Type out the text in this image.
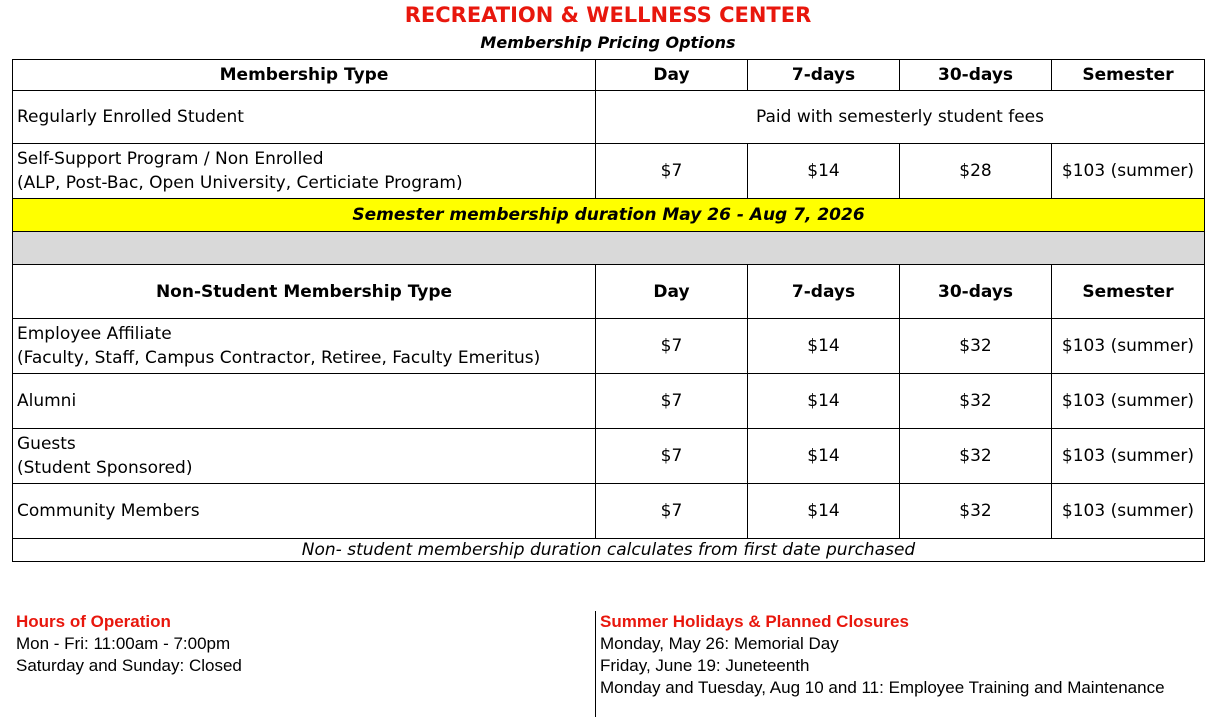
RECREATION & WELLNESS CENTER
Membership Pricing Options
Membership Type	Day	7-days	30-days	Semester
Regularly Enrolled Student	Paid with semesterly student fees			

Self-Support Program / Non Enrolled
(ALP, Post-Bac, Open University, Certiciate Program)	$7	$14	$28	$103 (summer)
Semester membership duration May 26 - Aug 7, 2026				

Non-Student Membership Type	Day	7-days	30-days	Semester

Employee Affiliate
(Faculty, Staff, Campus Contractor, Retiree, Faculty Emeritus)	$7	$14	$32	$103 (summer)

Alumni	$7	$14	$32	$103 (summer)

Guests
(Student Sponsored)	$7	$14	$32	$103 (summer)

Community Members	$7	$14	$32	$103 (summer)
Non- student membership duration calculates from first date purchased				
Hours of Operation
Mon - Fri: 11:00am - 7:00pm
Saturday and Sunday: Closed
Summer Holidays & Planned Closures
Monday, May 26: Memorial Day
Friday, June 19: Juneteenth
Monday and Tuesday, Aug 10 and 11: Employee Training and Maintenance
